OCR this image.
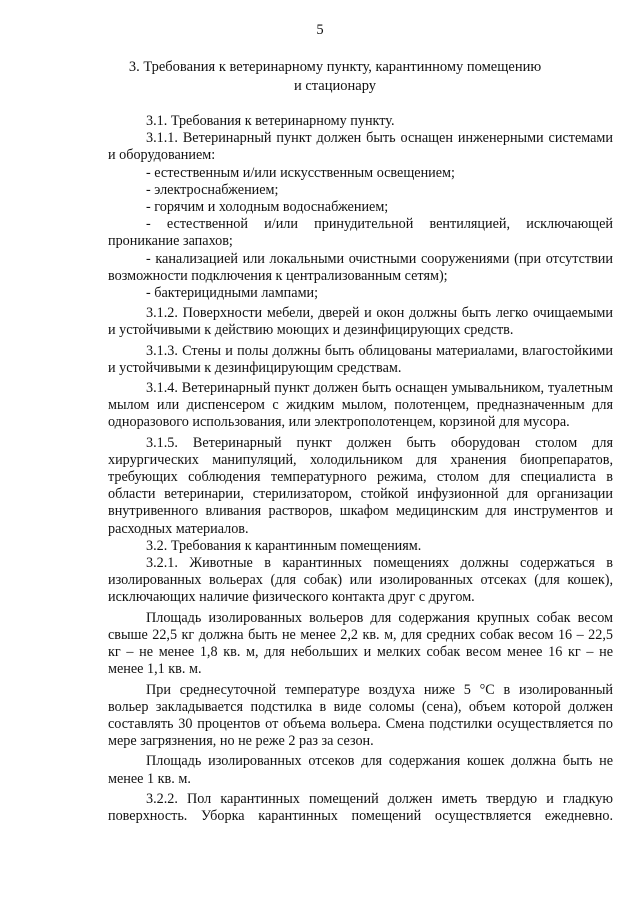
5
3. Требования к ветеринарному пункту, карантинному помещению
и стационару

3.1. Требования к ветеринарному пункту.

3.1.1. Ветеринарный пункт должен быть оснащен инженерными системами и оборудованием:

- естественным и/или искусственным освещением;

- электроснабжением;

- горячим и холодным водоснабжением;

- естественной и/или принудительной вентиляцией, исключающей проникание запахов;

- канализацией или локальными очистными сооружениями (при отсутствии возможности подключения к централизованным сетям);

- бактерицидными лампами;

3.1.2. Поверхности мебели, дверей и окон должны быть легко очищаемыми и устойчивыми к действию моющих и дезинфицирующих средств.

3.1.3. Стены и полы должны быть облицованы материалами, влагостойкими и устойчивыми к дезинфицирующим средствам.

3.1.4. Ветеринарный пункт должен быть оснащен умывальником, туалетным мылом или диспенсером с жидким мылом, полотенцем, предназначенным для одноразового использования, или электрополотенцем, корзиной для мусора.

3.1.5. Ветеринарный пункт должен быть оборудован столом для хирургических манипуляций, холодильником для хранения биопрепаратов, требующих соблюдения температурного режима, столом для специалиста в области ветеринарии, стерилизатором, стойкой инфузионной для организации внутривенного вливания растворов, шкафом медицинским для инструментов и расходных материалов.

3.2. Требования к карантинным помещениям.

3.2.1. Животные в карантинных помещениях должны содержаться в изолированных вольерах (для собак) или изолированных отсеках (для кошек), исключающих наличие физического контакта друг с другом.

Площадь изолированных вольеров для содержания крупных собак весом свыше 22,5 кг должна быть не менее 2,2 кв. м, для средних собак весом 16 – 22,5 кг – не менее 1,8 кв. м, для небольших и мелких собак весом менее 16 кг – не менее 1,1 кв. м.

При среднесуточной температуре воздуха ниже 5 °С в изолированный вольер закладывается подстилка в виде соломы (сена), объем которой должен составлять 30 процентов от объема вольера. Смена подстилки осуществляется по мере загрязнения, но не реже 2 раз за сезон.

Площадь изолированных отсеков для содержания кошек должна быть не менее 1 кв. м.

3.2.2. Пол карантинных помещений должен иметь твердую и гладкую поверхность. Уборка карантинных помещений осуществляется ежедневно.
